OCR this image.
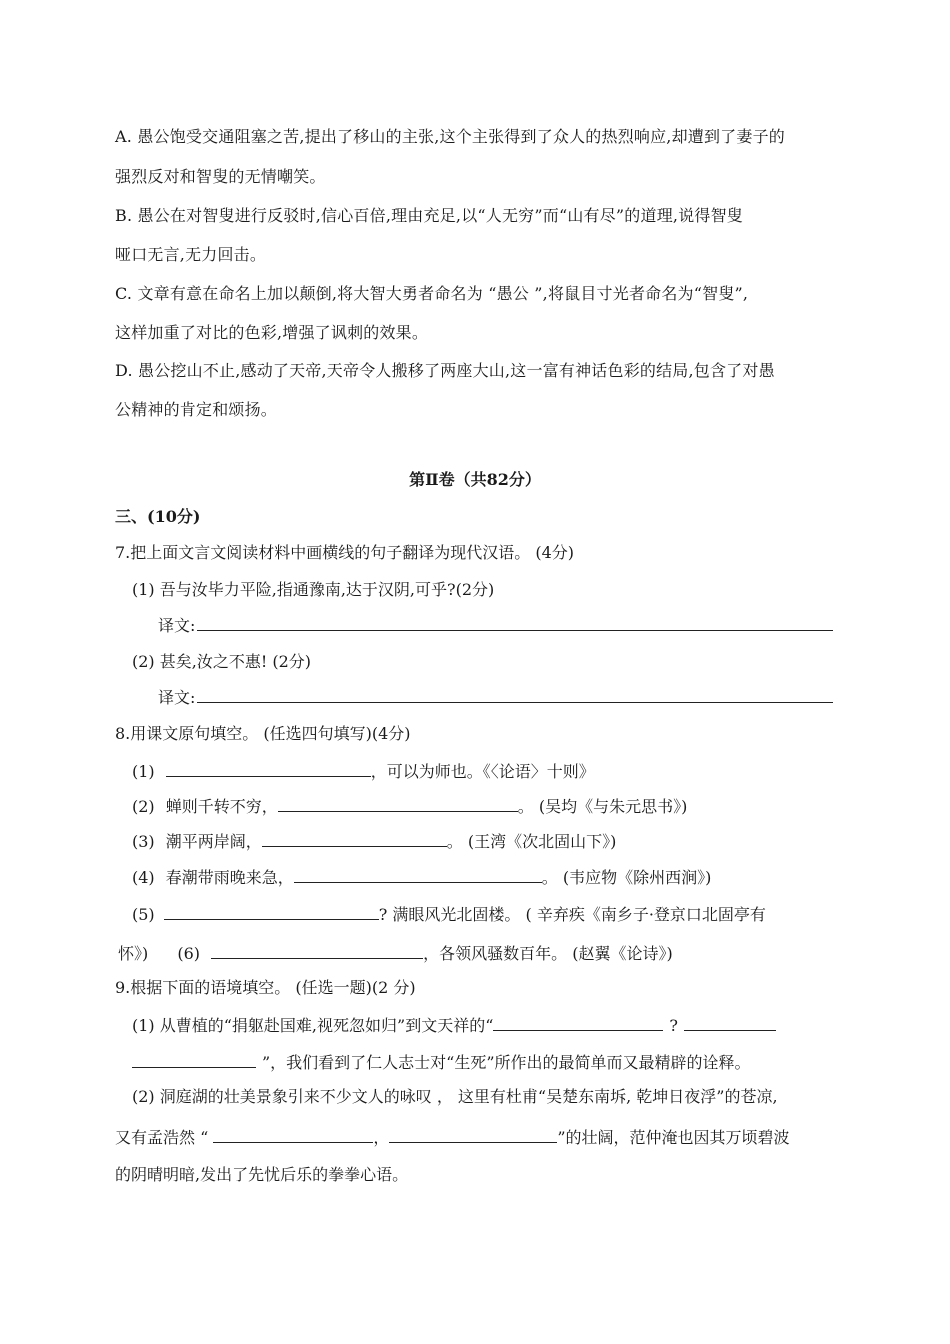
A. 愚公饱受交通阻塞之苦,提出了移山的主张,这个主张得到了众人的热烈响应,却遭到了妻子的
强烈反对和智叟的无情嘲笑。
B. 愚公在对智叟进行反驳时,信心百倍,理由充足,以“人无穷”而“山有尽”的道理,说得智叟
哑口无言,无力回击。
C. 文章有意在命名上加以颠倒,将大智大勇者命名为 “愚公 ”,将鼠目寸光者命名为“智叟”,
这样加重了对比的色彩,增强了讽刺的效果。
D. 愚公挖山不止,感动了天帝,天帝令人搬移了两座大山,这一富有神话色彩的结局,包含了对愚
公精神的肯定和颂扬。
第Ⅱ卷（共82分）
三、(10分)
7.把上面文言文阅读材料中画横线的句子翻译为现代汉语。 (4分)
(1) 吾与汝毕力平险,指通豫南,达于汉阴,可乎?(2分)
译文:
(2) 甚矣,汝之不惠! (2分)
译文:
8.用课文原句填空。 (任选四句填写)(4分)
(1)	，可以为师也。《〈论语〉十则》
(2) 蝉则千转不穷，	。 (吴均《与朱元思书》)
(3) 潮平两岸阔，	。 (王湾《次北固山下》)
(4) 春潮带雨晚来急，	。 (韦应物《除州西涧》)
(5)	? 满眼风光北固楼。 ( 辛弃疾《南乡子·登京口北固亭有
怀》) (6)	，各领风骚数百年。 (赵翼《论诗》)
9.根据下面的语境填空。 (任选一题)(2 分)
(1) 从曹植的“捐躯赴国难,视死忽如归”到文天祥的“	?
”，我们看到了仁人志士对“生死”所作出的最简单而又最精辟的诠释。
(2) 洞庭湖的壮美景象引来不少文人的咏叹 ， 这里有杜甫“吴楚东南坼, 乾坤日夜浮”的苍凉,
又有孟浩然 “	，	”的壮阔，范仲淹也因其万顷碧波
的阴晴明暗,发出了先忧后乐的拳拳心语。
